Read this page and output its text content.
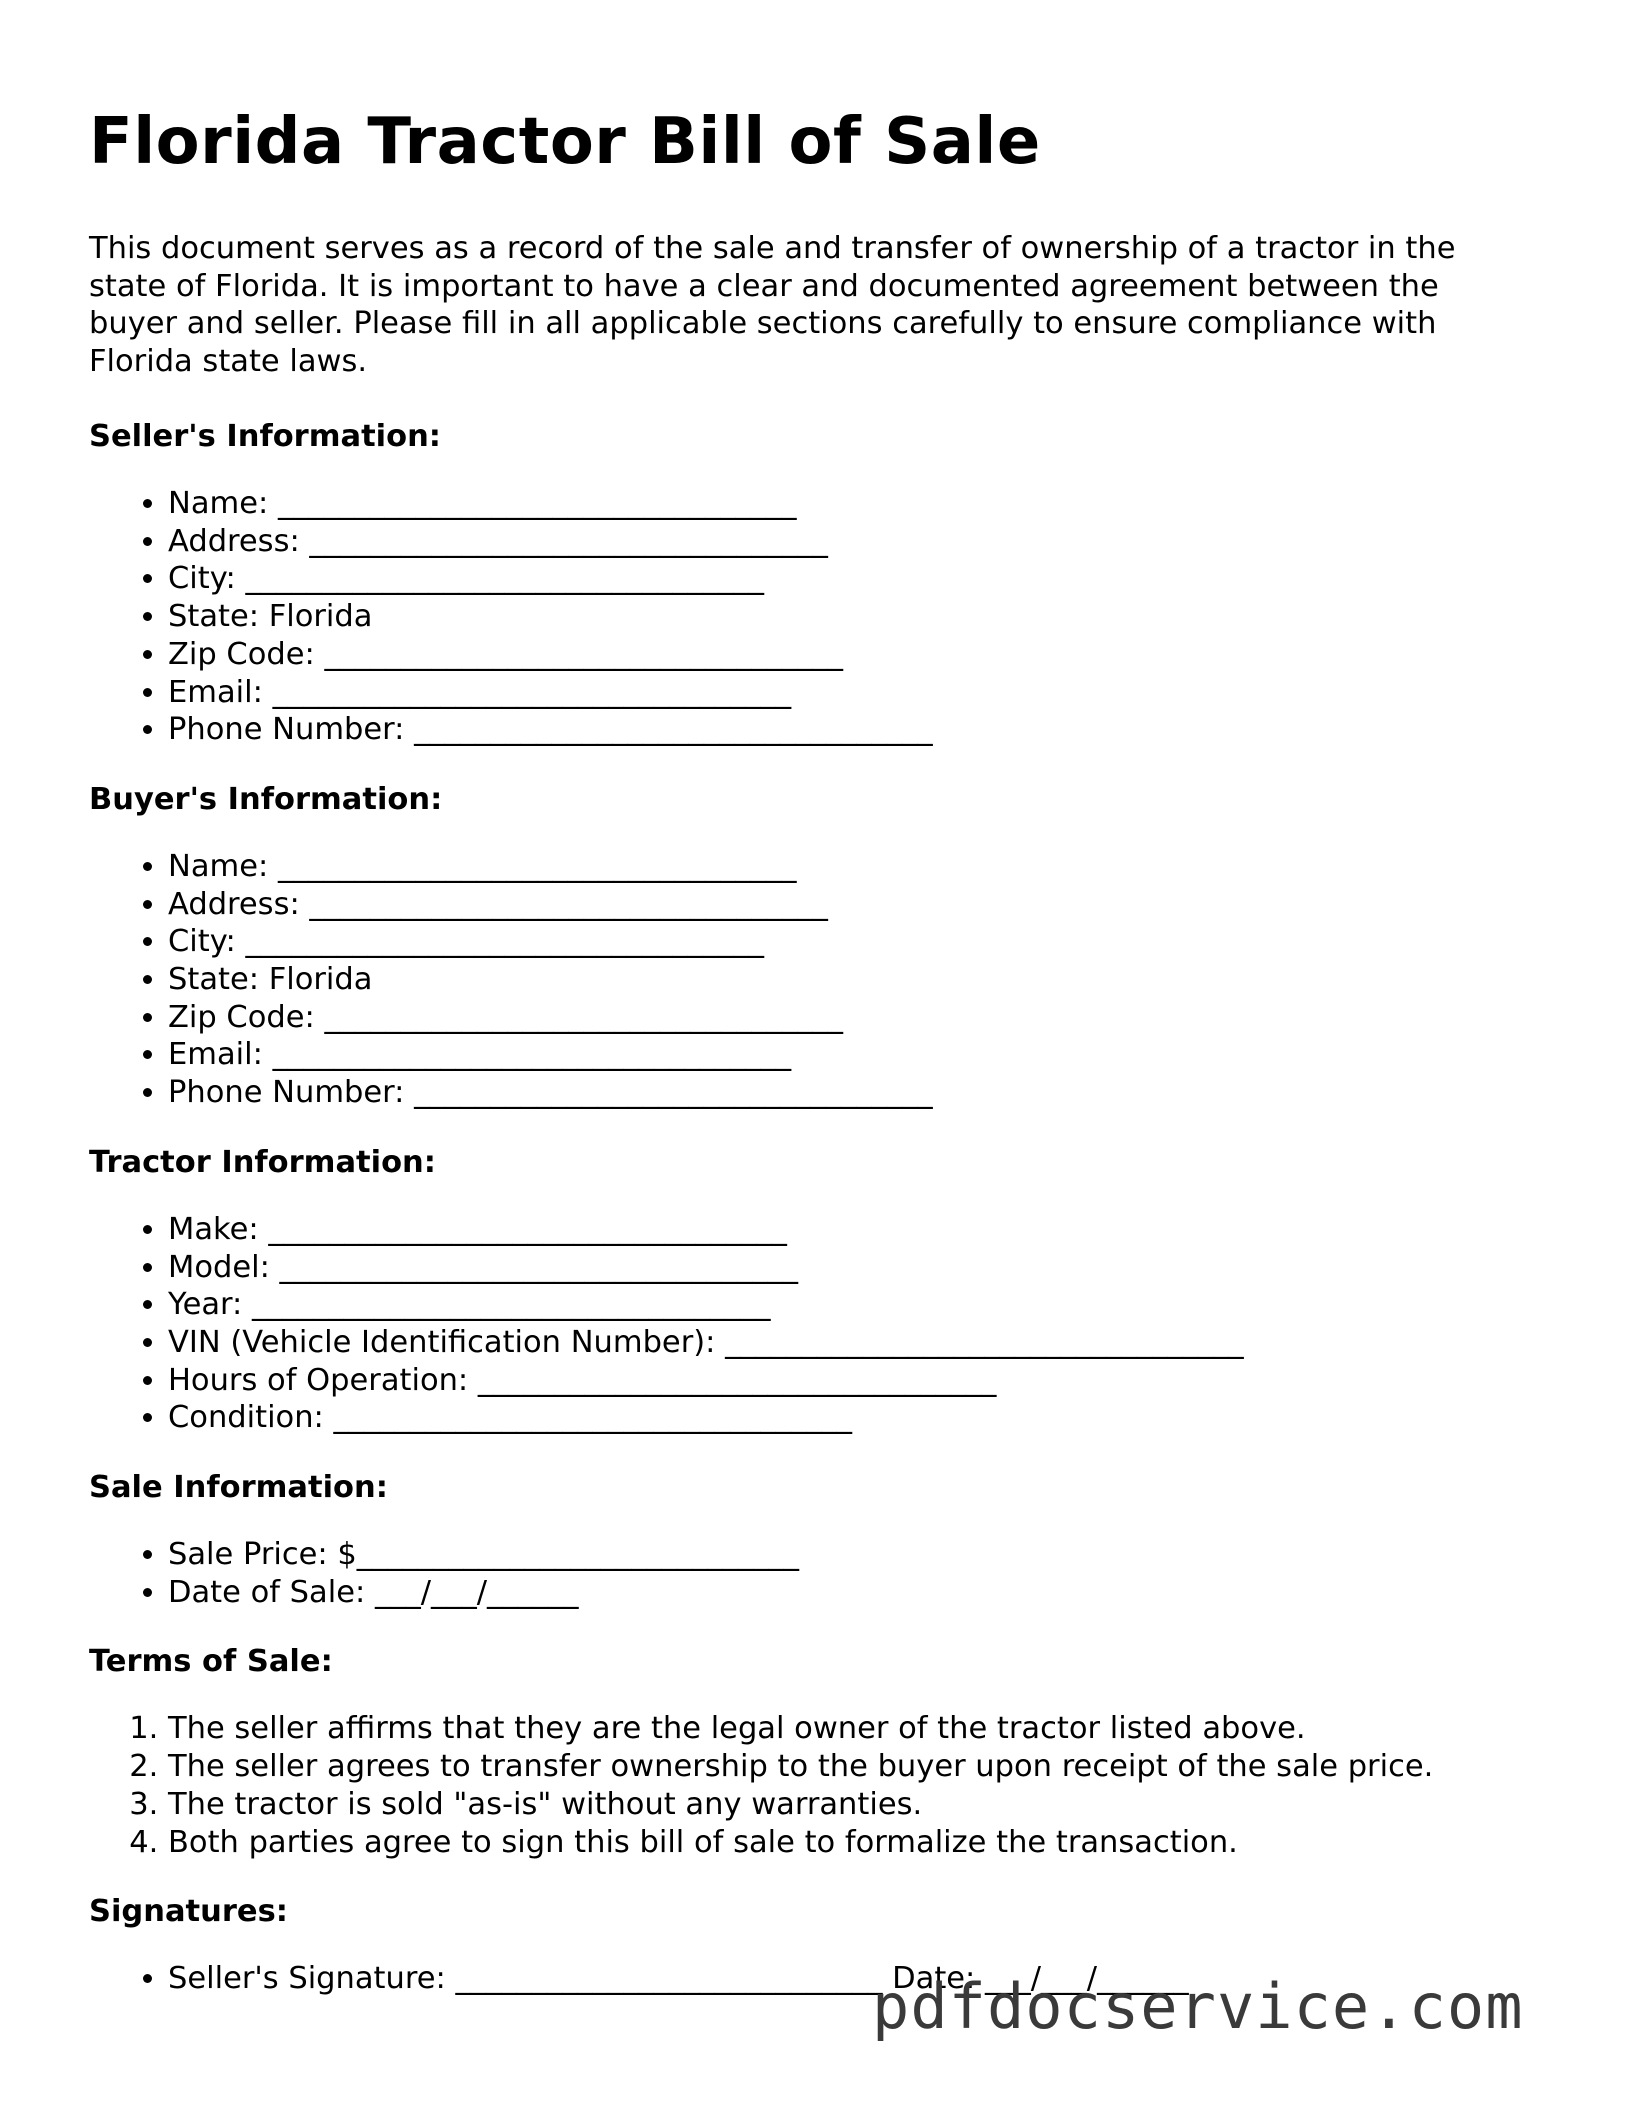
Florida Tractor Bill of Sale

This document serves as a record of the sale and transfer of ownership of a tractor in the state of Florida. It is important to have a clear and documented agreement between the buyer and seller. Please fill in all applicable sections carefully to ensure compliance with Florida state laws.

Seller's Information:
• Name: __________________________________
• Address: __________________________________
• City: __________________________________
• State: Florida
• Zip Code: __________________________________
• Email: __________________________________
• Phone Number: __________________________________
Buyer's Information:
• Name: __________________________________
• Address: __________________________________
• City: __________________________________
• State: Florida
• Zip Code: __________________________________
• Email: __________________________________
• Phone Number: __________________________________
Tractor Information:
• Make: __________________________________
• Model: __________________________________
• Year: __________________________________
• VIN (Vehicle Identification Number): __________________________________
• Hours of Operation: __________________________________
• Condition: __________________________________
Sale Information:
• Sale Price: $_____________________________
• Date of Sale: ___/___/______
Terms of Sale:
1. The seller affirms that they are the legal owner of the tractor listed above.
2. The seller agrees to transfer ownership to the buyer upon receipt of the sale price.
3. The tractor is sold "as-is" without any warranties.
4. Both parties agree to sign this bill of sale to formalize the transaction.
Signatures:
• Seller's Signature: ____________________________ Date: ___/___/______
pdfdocservice.com
